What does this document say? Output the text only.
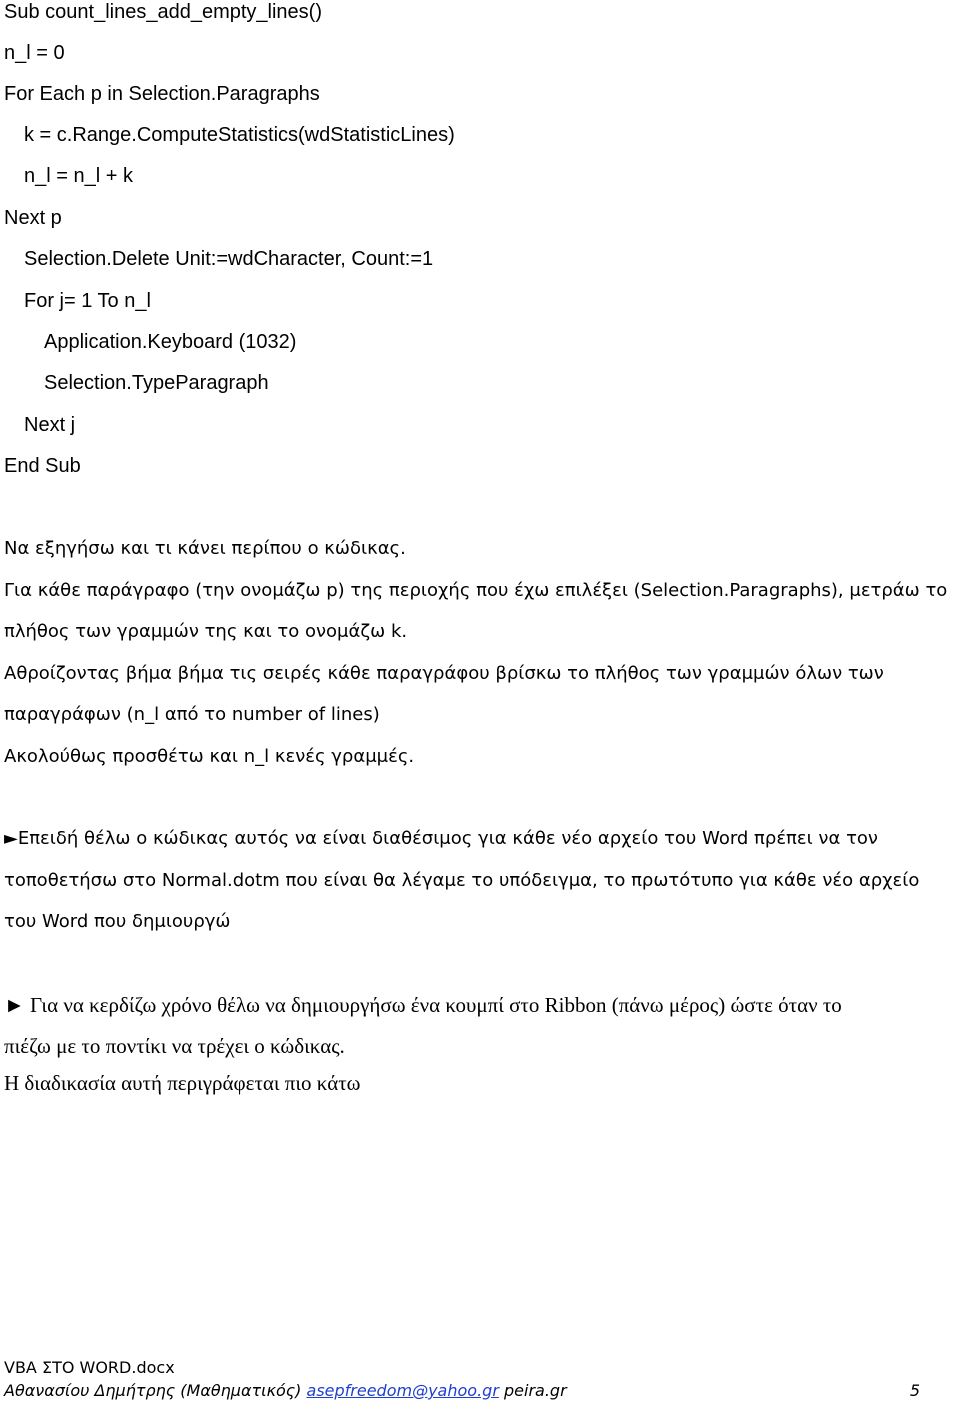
Sub count_lines_add_empty_lines()
n_l = 0
For Each p in Selection.Paragraphs
k = c.Range.ComputeStatistics(wdStatisticLines)
n_l = n_l + k
Next p
Selection.Delete Unit:=wdCharacter, Count:=1
For j= 1 To n_l
Application.Keyboard (1032)
Selection.TypeParagraph
Next j
End Sub
Να εξηγήσω και τι κάνει περίπου ο κώδικας.
Για κάθε παράγραφο (την ονομάζω p) της περιοχής που έχω επιλέξει (Selection.Paragraphs), μετράω το
πλήθος των γραμμών της και το ονομάζω k.
Αθροίζοντας βήμα βήμα τις σειρές κάθε παραγράφου βρίσκω το πλήθος των γραμμών όλων των
παραγράφων (n_l από το number of lines)
Ακολούθως προσθέτω και n_l κενές γραμμές.
►Επειδή θέλω ο κώδικας αυτός να είναι διαθέσιμος για κάθε νέο αρχείο του Word πρέπει να τον
τοποθετήσω στο Normal.dotm που είναι θα λέγαμε το υπόδειγμα, το πρωτότυπο για κάθε νέο αρχείο
του Word που δημιουργώ
► Για να κερδίζω χρόνο θέλω να δημιουργήσω ένα κουμπί στο Ribbon (πάνω μέρος) ώστε όταν το
πιέζω με το ποντίκι να τρέχει ο κώδικας.
Η διαδικασία αυτή περιγράφεται πιο κάτω
VBA ΣΤΟ WORD.docx
Αθανασίου Δημήτρης (Μαθηματικός) asepfreedom@yahoo.gr peira.gr	5
